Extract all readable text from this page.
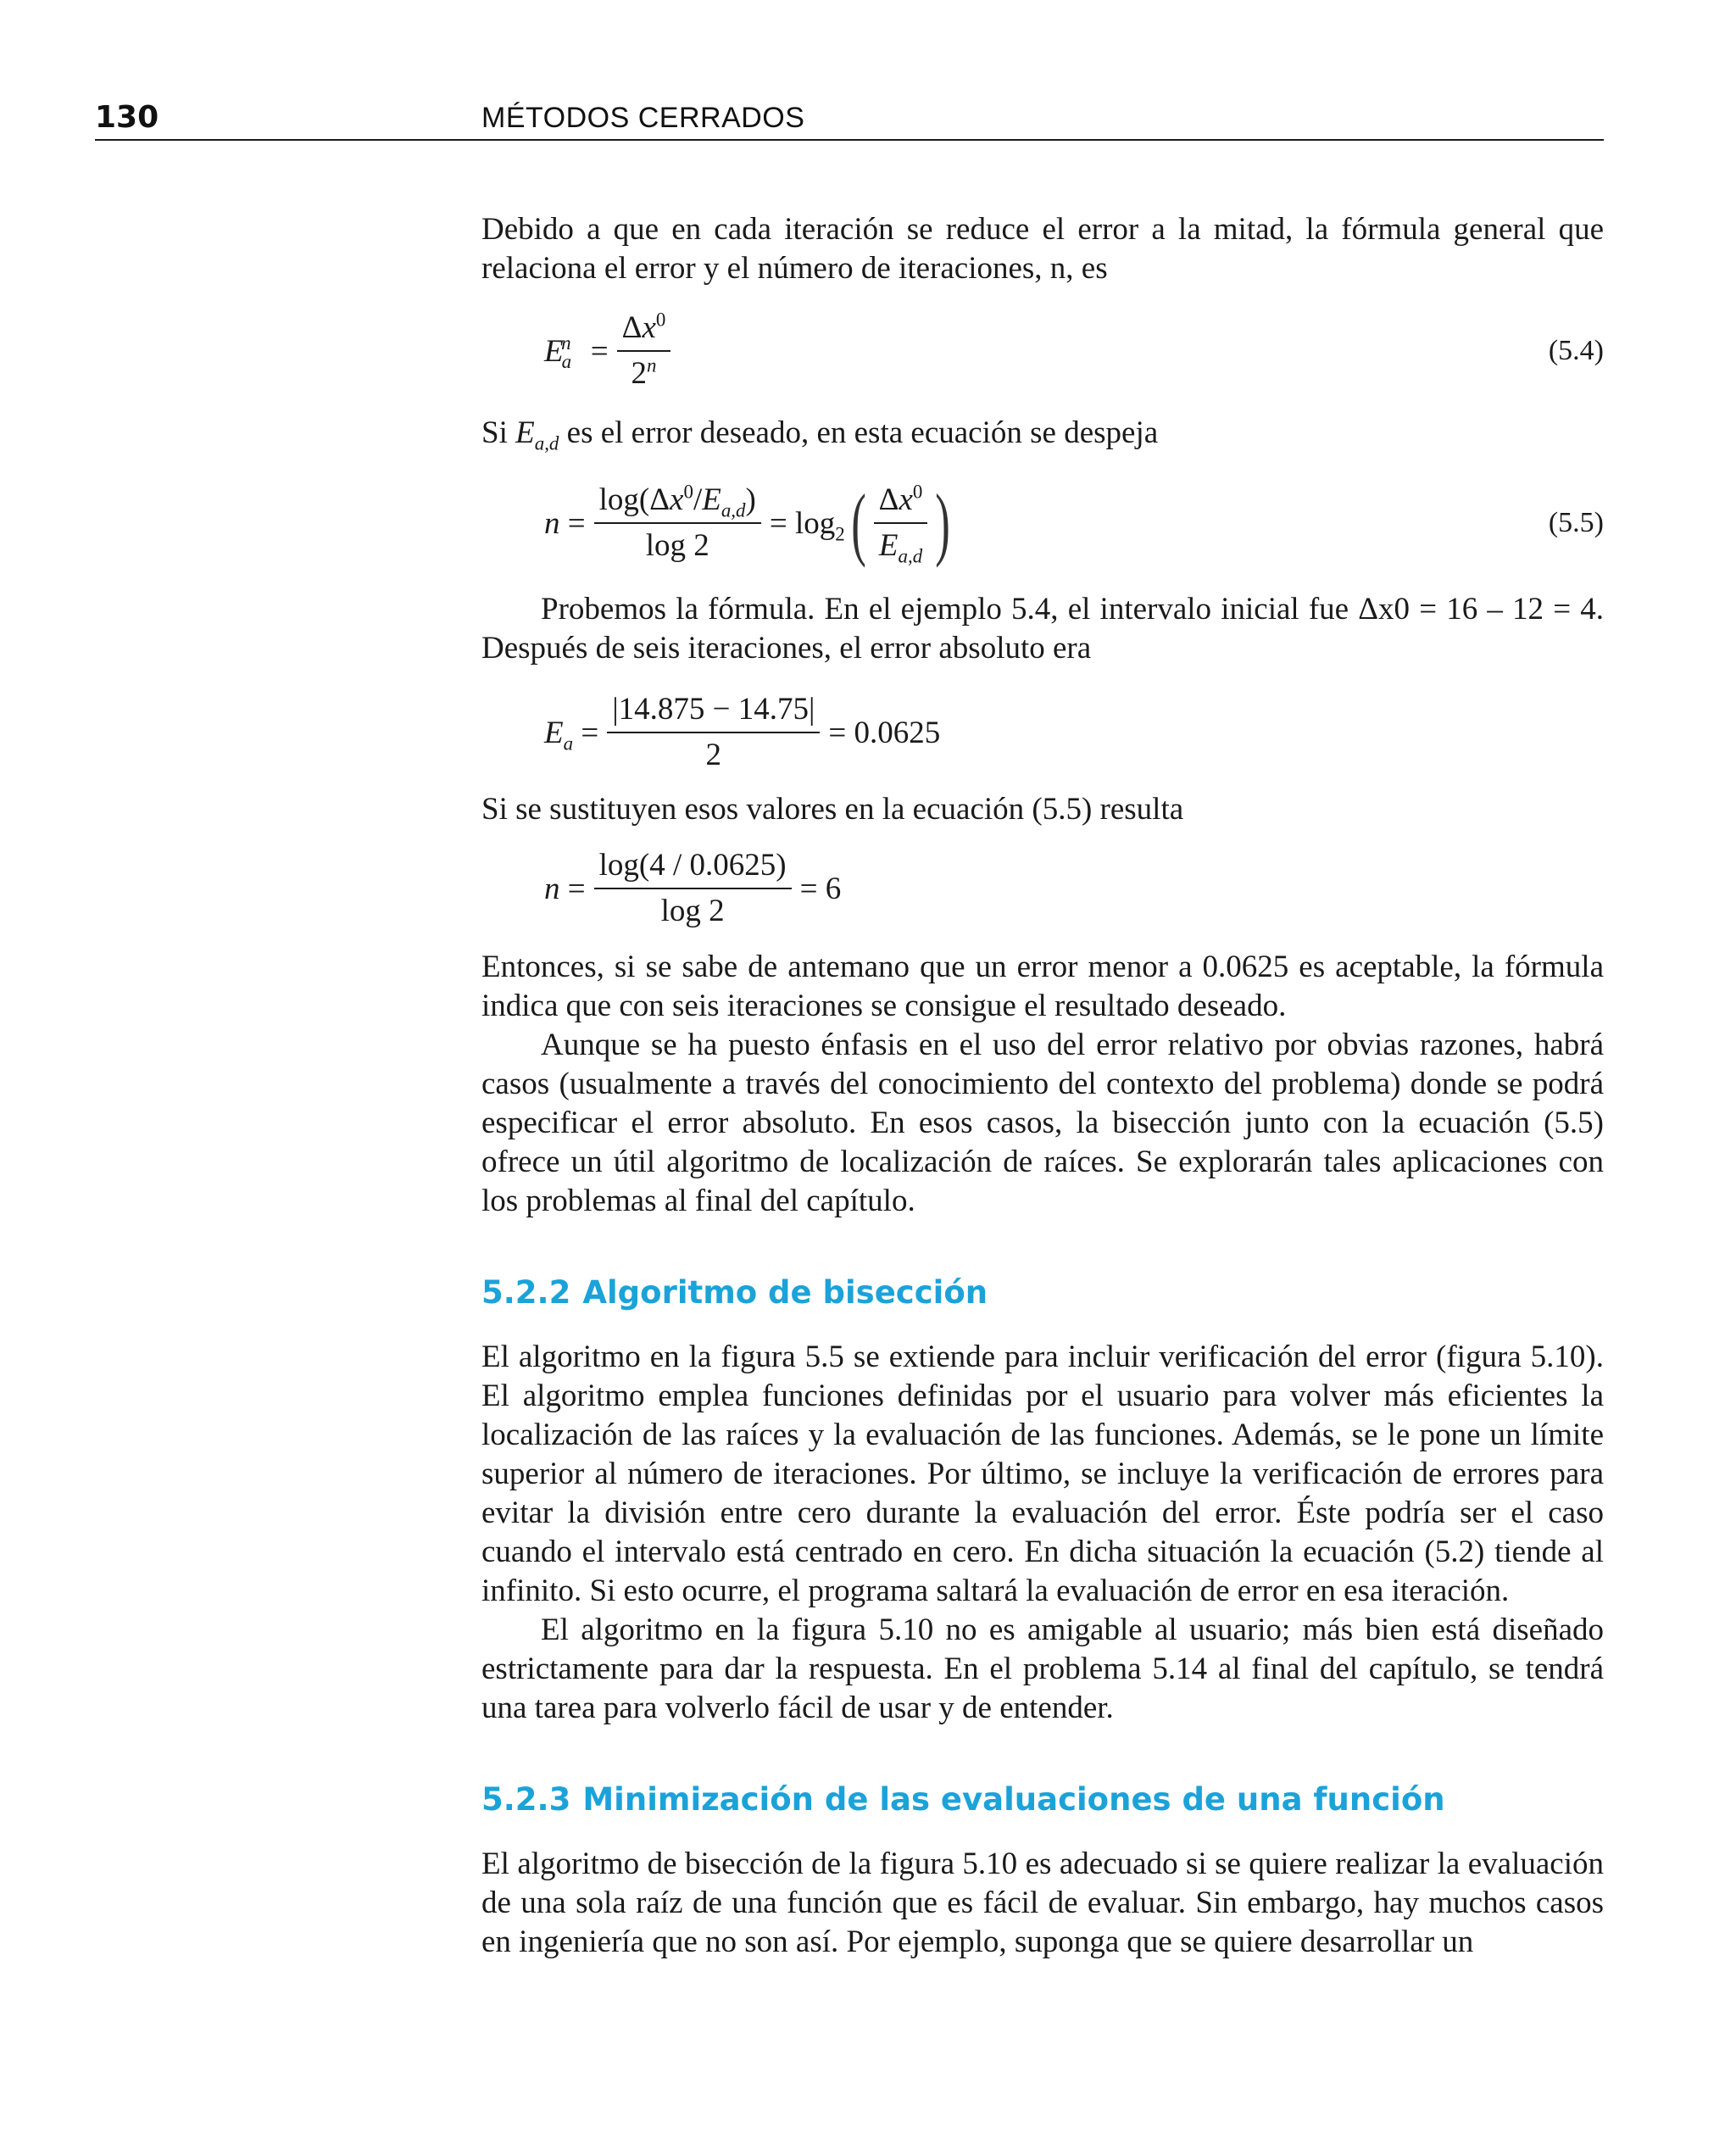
130	MÉTODOS CERRADOS

Debido a que en cada iteración se reduce el error a la mitad, la fórmula general que relaciona el error y el número de iteraciones, n, es

$E_a^n = \frac{\Delta x^0}{2^n}$	(5.4)

Si $E_{a,d}$ es el error deseado, en esta ecuación se despeja

$n = \frac{\log(\Delta x^0/E_{a,d})}{\log 2} = \log_2$ ( $\frac{\Delta x^0}{E_{a,d}}$ )	(5.5)

Probemos la fórmula. En el ejemplo 5.4, el intervalo inicial fue Δx0 = 16 – 12 = 4. Después de seis iteraciones, el error absoluto era

$E_a = \frac{|14.875 - 14.75|}{2} = 0.0625$

Si se sustituyen esos valores en la ecuación (5.5) resulta

$n = \frac{\log(4 / 0.0625)}{\log 2} = 6$

Entonces, si se sabe de antemano que un error menor a 0.0625 es aceptable, la fórmula indica que con seis iteraciones se consigue el resultado deseado.

Aunque se ha puesto énfasis en el uso del error relativo por obvias razones, habrá casos (usualmente a través del conocimiento del contexto del problema) donde se podrá especificar el error absoluto. En esos casos, la bisección junto con la ecuación (5.5) ofrece un útil algoritmo de localización de raíces. Se explorarán tales aplicaciones con los problemas al final del capítulo.

5.2.2 Algoritmo de bisección

El algoritmo en la figura 5.5 se extiende para incluir verificación del error (figura 5.10). El algoritmo emplea funciones definidas por el usuario para volver más eficientes la localización de las raíces y la evaluación de las funciones. Además, se le pone un límite superior al número de iteraciones. Por último, se incluye la verificación de errores para evitar la división entre cero durante la evaluación del error. Éste podría ser el caso cuando el intervalo está centrado en cero. En dicha situación la ecuación (5.2) tiende al infinito. Si esto ocurre, el programa saltará la evaluación de error en esa iteración.

El algoritmo en la figura 5.10 no es amigable al usuario; más bien está diseñado estrictamente para dar la respuesta. En el problema 5.14 al final del capítulo, se tendrá una tarea para volverlo fácil de usar y de entender.

5.2.3 Minimización de las evaluaciones de una función

El algoritmo de bisección de la figura 5.10 es adecuado si se quiere realizar la evaluación de una sola raíz de una función que es fácil de evaluar. Sin embargo, hay muchos casos en ingeniería que no son así. Por ejemplo, suponga que se quiere desarrollar un
